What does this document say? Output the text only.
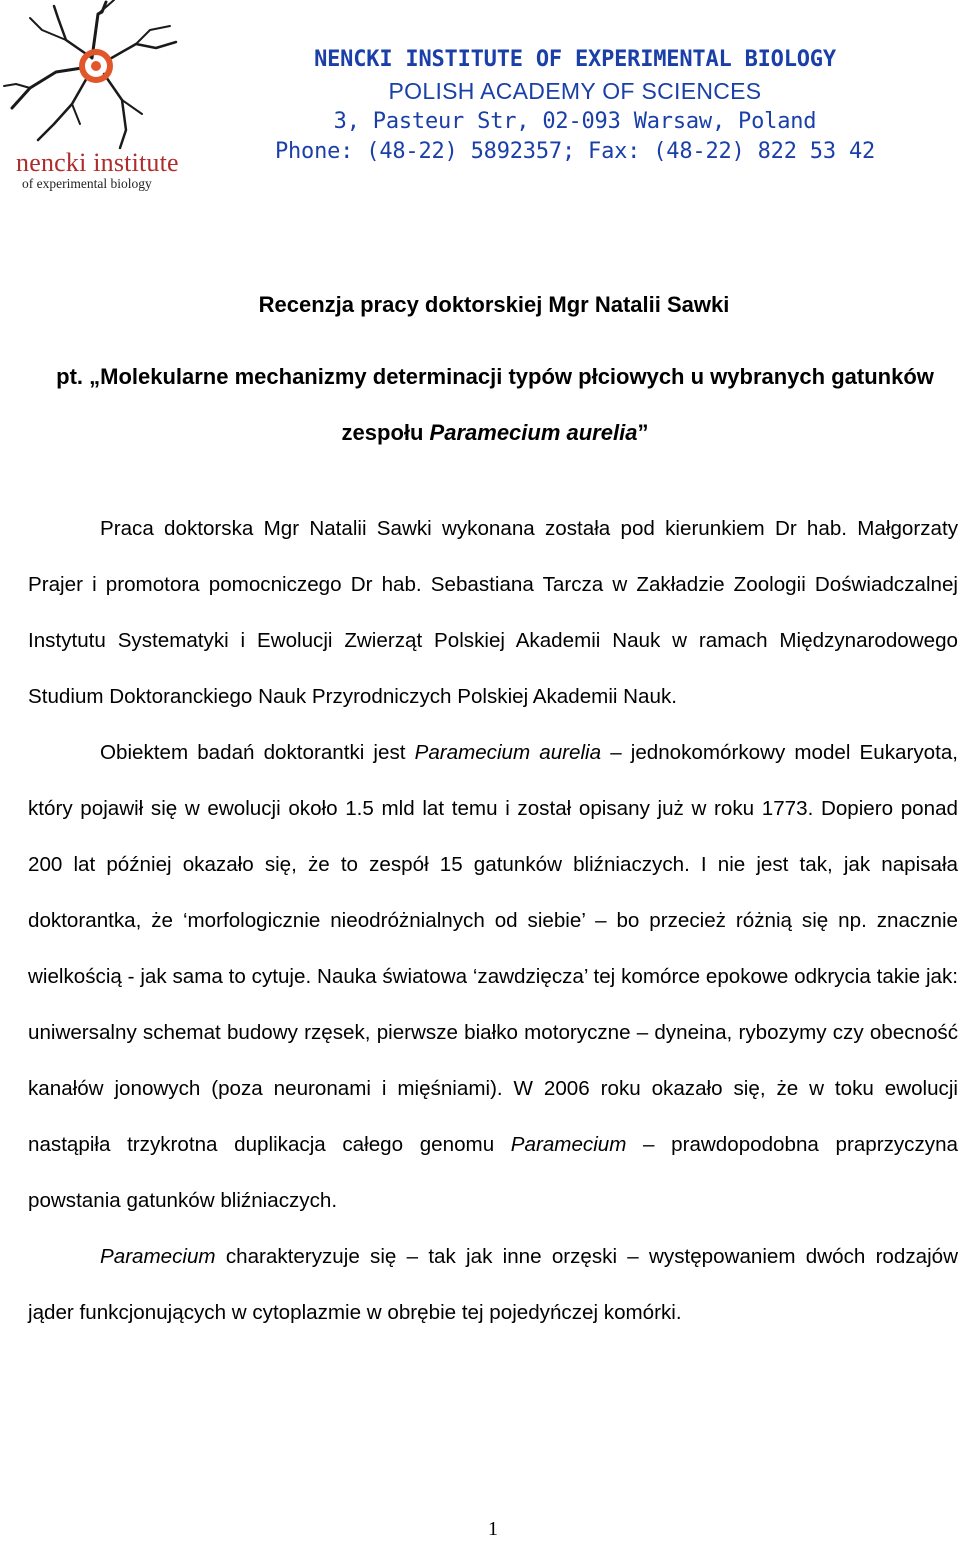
nencki institute
of experimental biology
NENCKI INSTITUTE OF EXPERIMENTAL BIOLOGY
POLISH ACADEMY OF SCIENCES
3, Pasteur Str, 02-093 Warsaw, Poland
Phone: (48-22) 5892357; Fax: (48-22) 822 53 42
Recenzja pracy doktorskiej Mgr Natalii Sawki
pt. „Molekularne mechanizmy determinacji typów płciowych u wybranych gatunków zespołu Paramecium aurelia”

Praca doktorska Mgr Natalii Sawki wykonana została pod kierunkiem Dr hab. Małgorzaty Prajer i promotora pomocniczego Dr hab. Sebastiana Tarcza w Zakładzie Zoologii Doświadczalnej Instytutu Systematyki i Ewolucji Zwierząt Polskiej Akademii Nauk w ramach Międzynarodowego Studium Doktoranckiego Nauk Przyrodniczych Polskiej Akademii Nauk.

Obiektem badań doktorantki jest Paramecium aurelia – jednokomórkowy model Eukaryota, który pojawił się w ewolucji około 1.5 mld lat temu i został opisany już w roku 1773. Dopiero ponad 200 lat później okazało się, że to zespół 15 gatunków bliźniaczych. I nie jest tak, jak napisała doktorantka, że ‘morfologicznie nieodróżnialnych od siebie’ – bo przecież różnią się np. znacznie wielkością - jak sama to cytuje. Nauka światowa ‘zawdzięcza’ tej komórce epokowe odkrycia takie jak: uniwersalny schemat budowy rzęsek, pierwsze białko motoryczne – dyneina, rybozymy czy obecność kanałów jonowych (poza neuronami i mięśniami). W 2006 roku okazało się, że w toku ewolucji nastąpiła trzykrotna duplikacja całego genomu Paramecium – prawdopodobna praprzyczyna powstania gatunków bliźniaczych.

Paramecium charakteryzuje się – tak jak inne orzęski – występowaniem dwóch rodzajów jąder funkcjonujących w cytoplazmie w obrębie tej pojedyńczej komórki.

1
